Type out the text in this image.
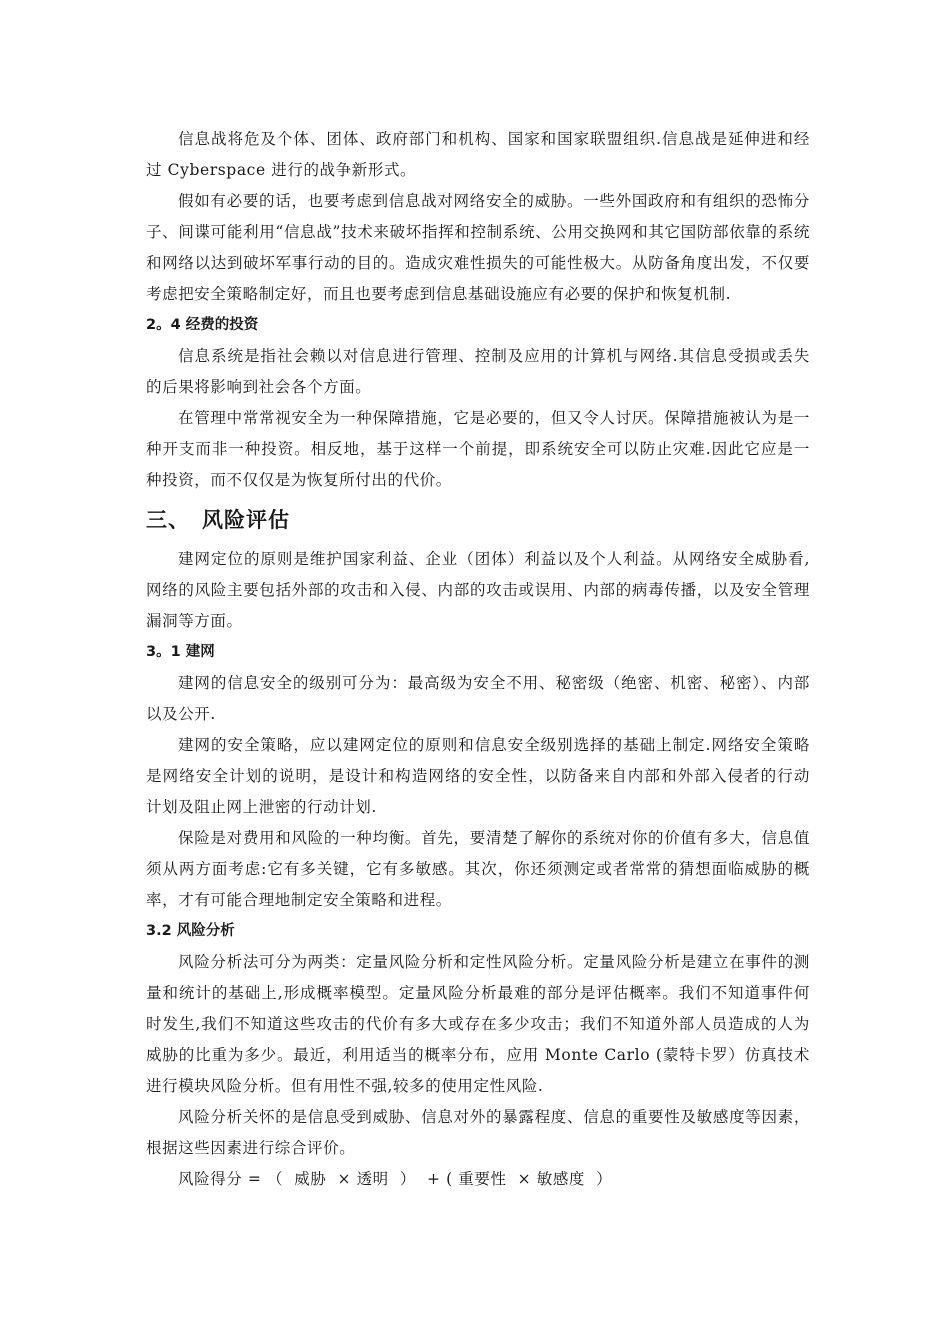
信息战将危及个体、团体、政府部门和机构、国家和国家联盟组织.信息战是延伸进和经过 Cyberspace 进行的战争新形式。

假如有必要的话，也要考虑到信息战对网络安全的威胁。一些外国政府和有组织的恐怖分子、间谍可能利用“信息战”技术来破坏指挥和控制系统、公用交换网和其它国防部依靠的系统和网络以达到破坏军事行动的目的。造成灾难性损失的可能性极大。从防备角度出发，不仅要考虑把安全策略制定好，而且也要考虑到信息基础设施应有必要的保护和恢复机制.

2。4 经费的投资

信息系统是指社会赖以对信息进行管理、控制及应用的计算机与网络.其信息受损或丢失的后果将影响到社会各个方面。

在管理中常常视安全为一种保障措施，它是必要的，但又令人讨厌。保障措施被认为是一种开支而非一种投资。相反地，基于这样一个前提，即系统安全可以防止灾难.因此它应是一种投资，而不仅仅是为恢复所付出的代价。

三、 风险评估

建网定位的原则是维护国家利益、企业（团体）利益以及个人利益。从网络安全威胁看,网络的风险主要包括外部的攻击和入侵、内部的攻击或误用、内部的病毒传播，以及安全管理漏洞等方面。

3。1 建网

建网的信息安全的级别可分为：最高级为安全不用、秘密级（绝密、机密、秘密）、内部以及公开.

建网的安全策略，应以建网定位的原则和信息安全级别选择的基础上制定.网络安全策略是网络安全计划的说明，是设计和构造网络的安全性，以防备来自内部和外部入侵者的行动 计划及阻止网上泄密的行动计划.

保险是对费用和风险的一种均衡。首先，要清楚了解你的系统对你的价值有多大，信息值须从两方面考虑:它有多关键，它有多敏感。其次，你还须测定或者常常的猜想面临威胁的概率，才有可能合理地制定安全策略和进程。

3.2 风险分析

风险分析法可分为两类：定量风险分析和定性风险分析。定量风险分析是建立在事件的测量和统计的基础上,形成概率模型。定量风险分析最难的部分是评估概率。我们不知道事件何时发生,我们不知道这些攻击的代价有多大或存在多少攻击；我们不知道外部人员造成的人为威胁的比重为多少。最近，利用适当的概率分布，应用 Monte Carlo (蒙特卡罗）仿真技术进行模块风险分析。但有用性不强,较多的使用定性风险.

风险分析关怀的是信息受到威胁、信息对外的暴露程度、信息的重要性及敏感度等因素，根据这些因素进行综合评价。

风险得分 = （  威胁  × 透明  ）  + ( 重要性  × 敏感度  ）
